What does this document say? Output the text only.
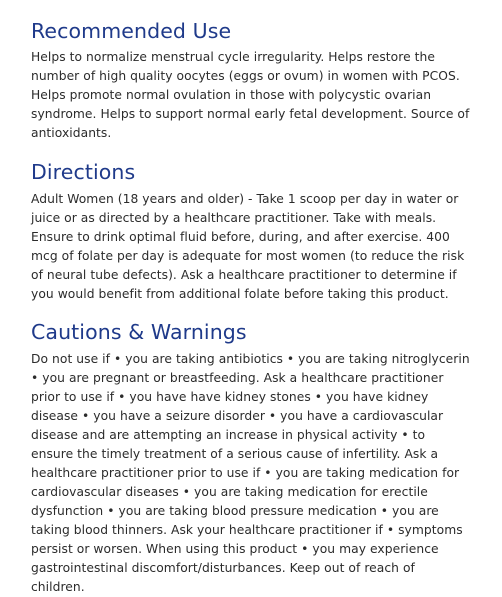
Recommended Use

Helps to normalize menstrual cycle irregularity. Helps restore the number of high quality oocytes (eggs or ovum) in women with PCOS. Helps promote normal ovulation in those with polycystic ovarian syndrome. Helps to support normal early fetal development. Source of antioxidants.

Directions

Adult Women (18 years and older) - Take 1 scoop per day in water or juice or as directed by a healthcare practitioner. Take with meals. Ensure to drink optimal fluid before, during, and after exercise. 400 mcg of folate per day is adequate for most women (to reduce the risk of neural tube defects). Ask a healthcare practitioner to determine if you would benefit from additional folate before taking this product.

Cautions & Warnings

Do not use if • you are taking antibiotics • you are taking nitroglycerin • you are pregnant or breastfeeding. Ask a healthcare practitioner prior to use if • you have have kidney stones • you have kidney disease • you have a seizure disorder • you have a cardiovascular disease and are attempting an increase in physical activity • to ensure the timely treatment of a serious cause of infertility. Ask a healthcare practitioner prior to use if • you are taking medication for cardiovascular diseases • you are taking medication for erectile dysfunction • you are taking blood pressure medication • you are taking blood thinners. Ask your healthcare practitioner if • symptoms persist or worsen. When using this product • you may experience gastrointestinal discomfort/disturbances. Keep out of reach of children.
